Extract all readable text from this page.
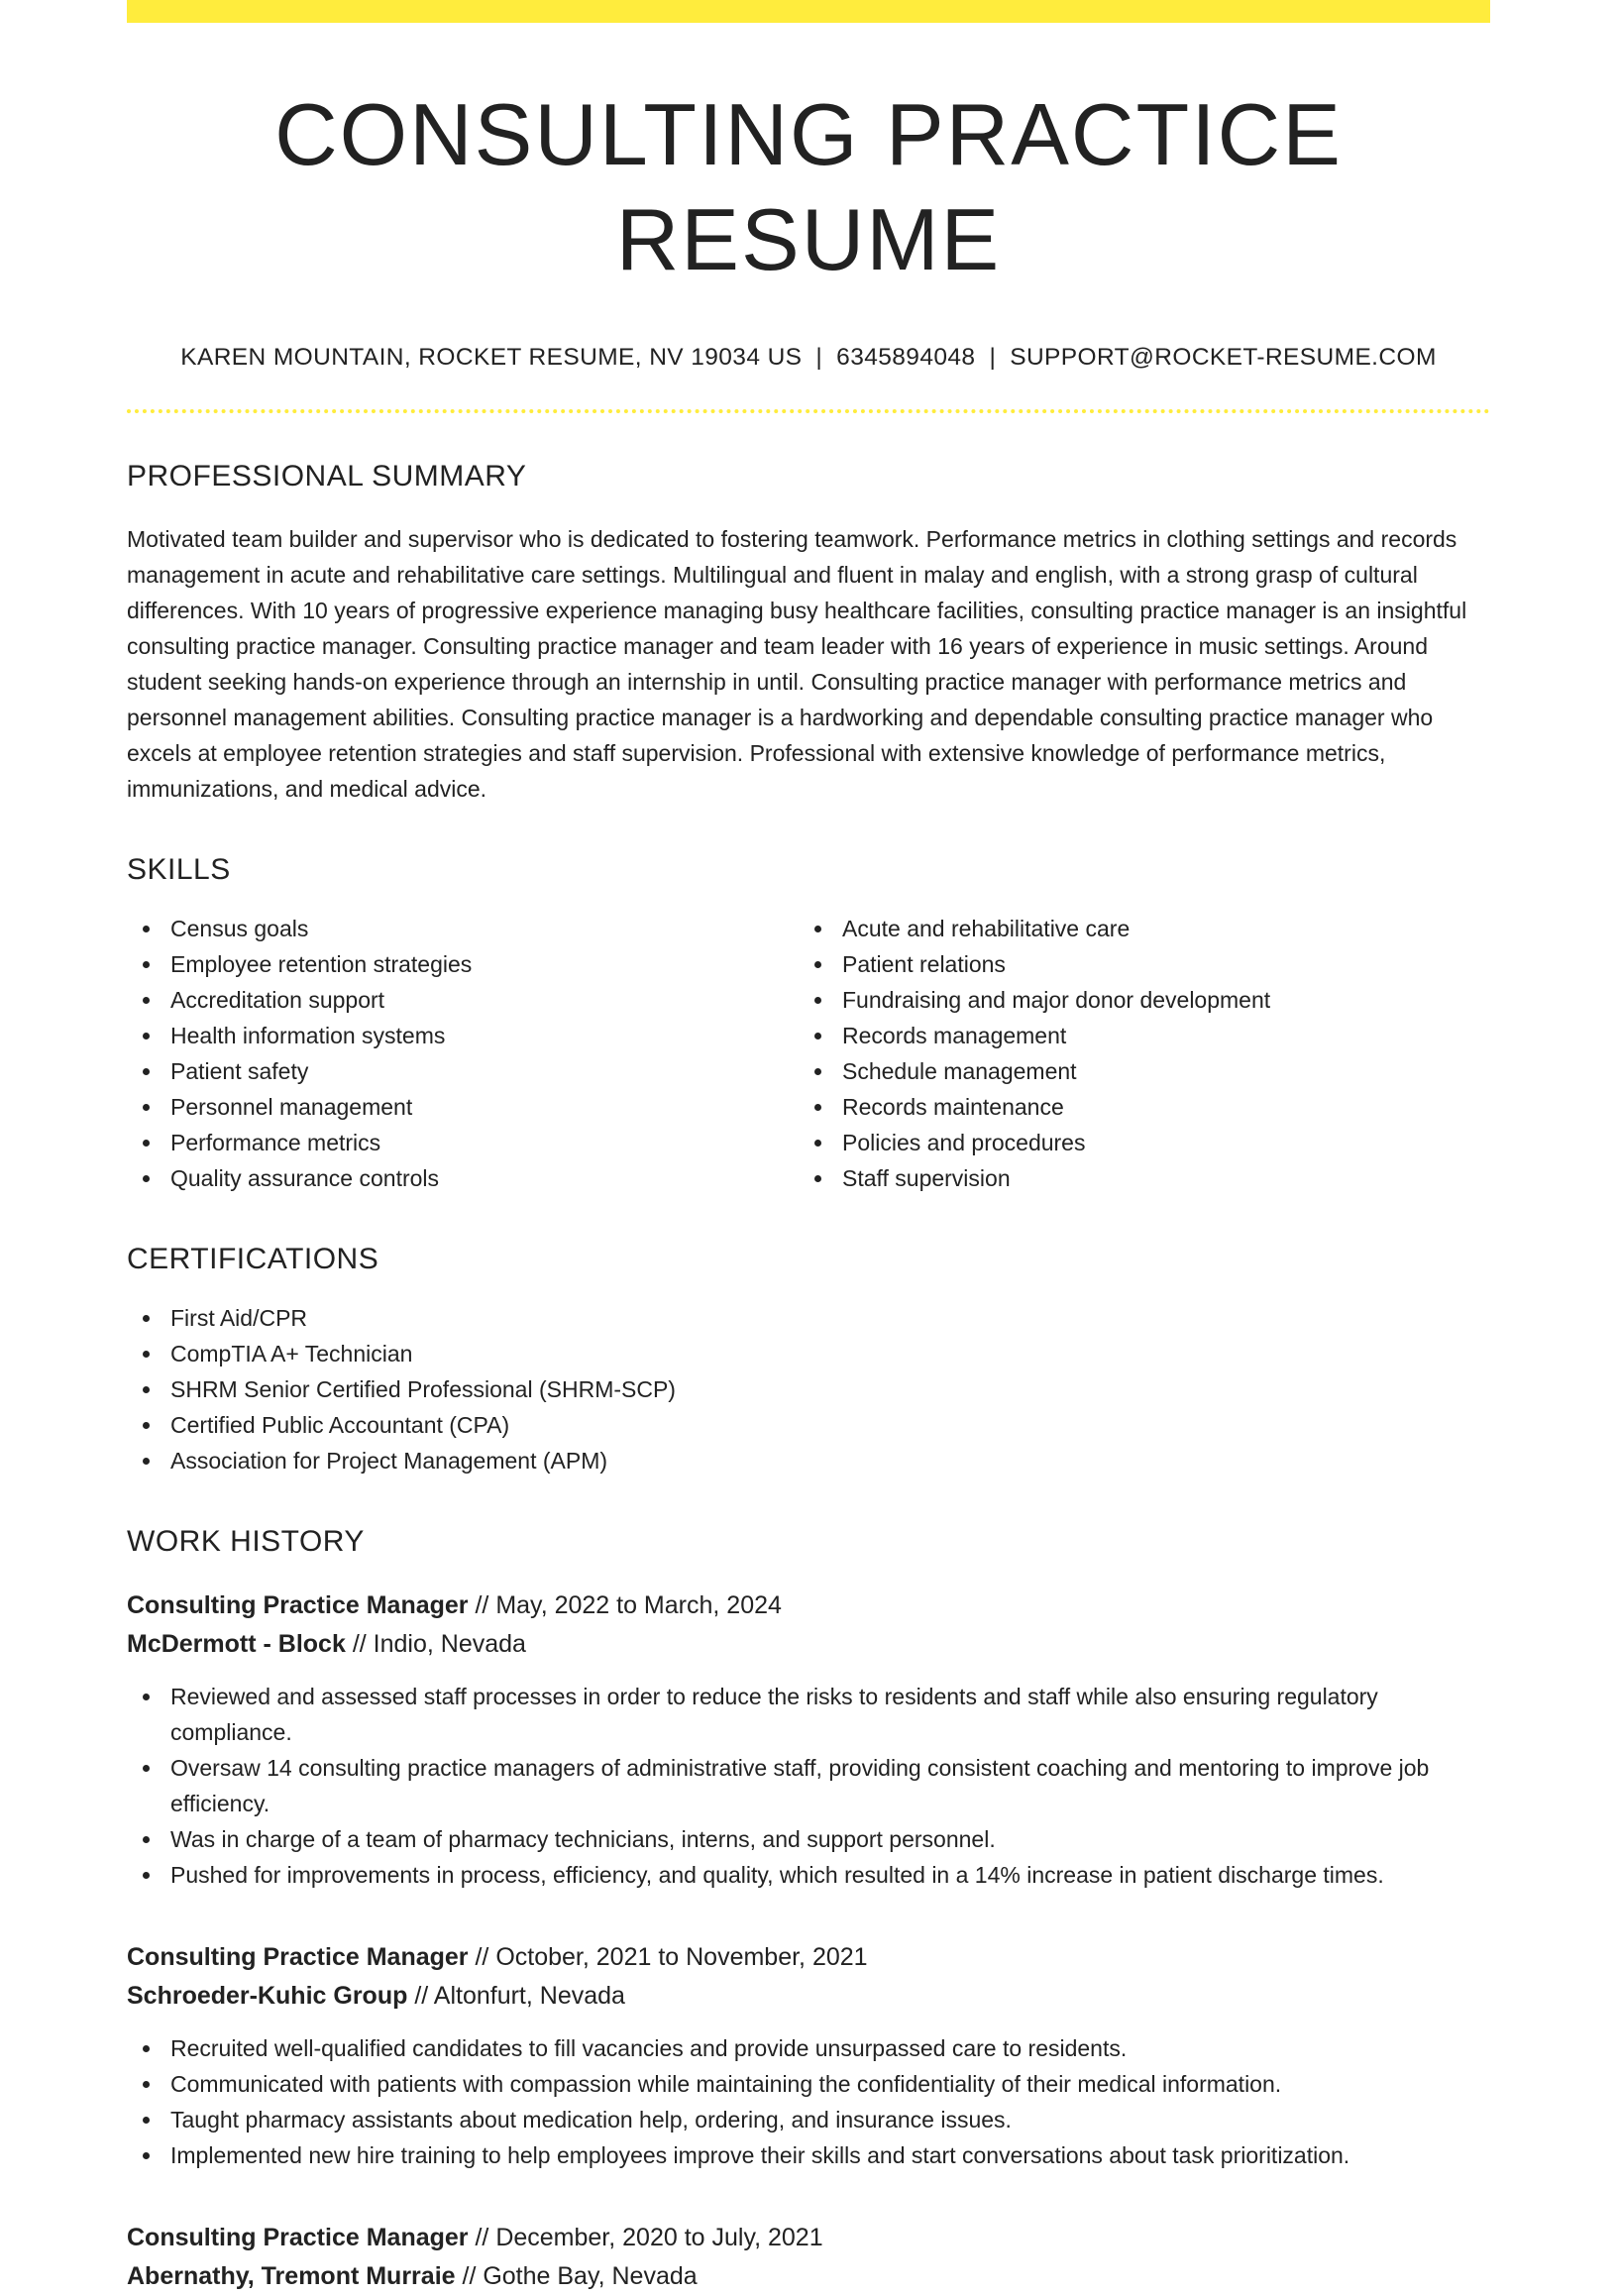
CONSULTING PRACTICE RESUME
KAREN MOUNTAIN, ROCKET RESUME, NV 19034 US | 6345894048 | SUPPORT@ROCKET-RESUME.COM
PROFESSIONAL SUMMARY

Motivated team builder and supervisor who is dedicated to fostering teamwork. Performance metrics in clothing settings and records management in acute and rehabilitative care settings. Multilingual and fluent in malay and english, with a strong grasp of cultural differences. With 10 years of progressive experience managing busy healthcare facilities, consulting practice manager is an insightful consulting practice manager. Consulting practice manager and team leader with 16 years of experience in music settings. Around student seeking hands-on experience through an internship in until. Consulting practice manager with performance metrics and personnel management abilities. Consulting practice manager is a hardworking and dependable consulting practice manager who excels at employee retention strategies and staff supervision. Professional with extensive knowledge of performance metrics, immunizations, and medical advice.

SKILLS
Census goals
Employee retention strategies
Accreditation support
Health information systems
Patient safety
Personnel management
Performance metrics
Quality assurance controls
Acute and rehabilitative care
Patient relations
Fundraising and major donor development
Records management
Schedule management
Records maintenance
Policies and procedures
Staff supervision
CERTIFICATIONS
First Aid/CPR
CompTIA A+ Technician
SHRM Senior Certified Professional (SHRM-SCP)
Certified Public Accountant (CPA)
Association for Project Management (APM)
WORK HISTORY
Consulting Practice Manager // May, 2022 to March, 2024
McDermott - Block // Indio, Nevada
Reviewed and assessed staff processes in order to reduce the risks to residents and staff while also ensuring regulatory compliance.
Oversaw 14 consulting practice managers of administrative staff, providing consistent coaching and mentoring to improve job efficiency.
Was in charge of a team of pharmacy technicians, interns, and support personnel.
Pushed for improvements in process, efficiency, and quality, which resulted in a 14% increase in patient discharge times.
Consulting Practice Manager // October, 2021 to November, 2021
Schroeder-Kuhic Group // Altonfurt, Nevada
Recruited well-qualified candidates to fill vacancies and provide unsurpassed care to residents.
Communicated with patients with compassion while maintaining the confidentiality of their medical information.
Taught pharmacy assistants about medication help, ordering, and insurance issues.
Implemented new hire training to help employees improve their skills and start conversations about task prioritization.
Consulting Practice Manager // December, 2020 to July, 2021
Abernathy, Tremont Murraie // Gothe Bay, Nevada
